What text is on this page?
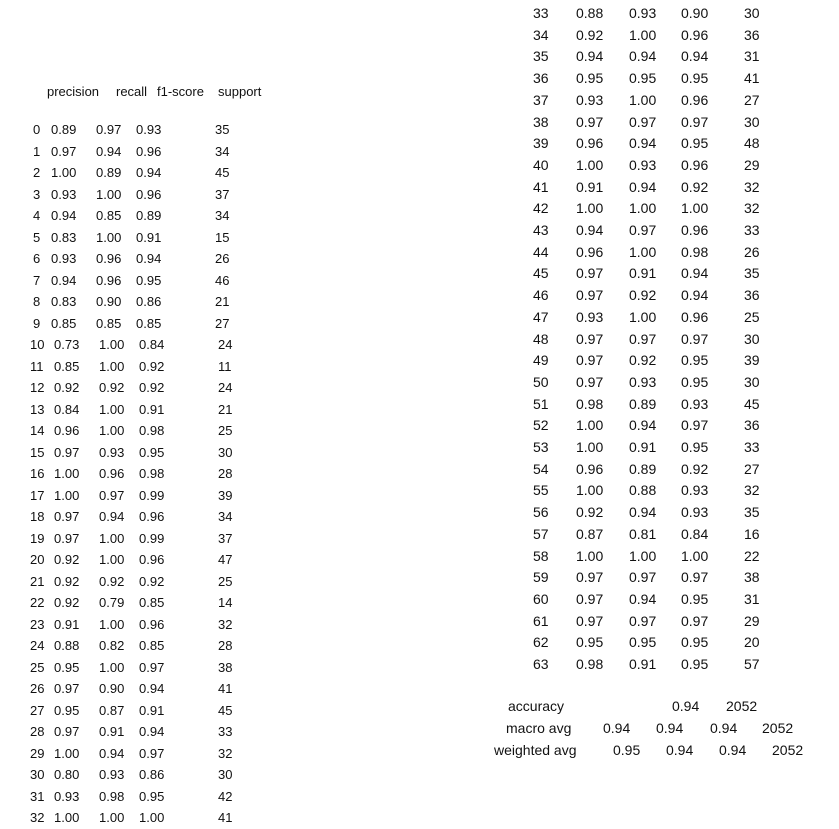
precision recall f1-score support
0 0.89 0.97 0.93	35
1 0.97 0.94 0.96	34
2 1.00 0.89 0.94	45
3 0.93 1.00 0.96	37
4 0.94 0.85 0.89	34
5 0.83 1.00 0.91	15
6 0.93 0.96 0.94	26
7 0.94 0.96 0.95	46
8 0.83 0.90 0.86	21
9 0.85 0.85 0.85	27
10 0.73 1.00 0.84	24
11 0.85 1.00 0.92	11
12 0.92 0.92 0.92	24
13 0.84 1.00 0.91	21
14 0.96 1.00 0.98	25
15 0.97 0.93 0.95	30
16 1.00 0.96 0.98	28
17 1.00 0.97 0.99	39
18 0.97 0.94 0.96	34
19 0.97 1.00 0.99	37
20 0.92 1.00 0.96	47
21 0.92 0.92 0.92	25
22 0.92 0.79 0.85	14
23 0.91 1.00 0.96	32
24 0.88 0.82 0.85	28
25 0.95 1.00 0.97	38
26 0.97 0.90 0.94	41
27 0.95 0.87 0.91	45
28 0.97 0.91 0.94	33
29 1.00 0.94 0.97	32
30 0.80 0.93 0.86	30
31 0.93 0.98 0.95	42
32 1.00 1.00 1.00	41
33 0.88 0.93 0.90	30
34 0.92 1.00 0.96	36
35 0.94 0.94 0.94	31
36 0.95 0.95 0.95	41
37 0.93 1.00 0.96	27
38 0.97 0.97 0.97	30
39 0.96 0.94 0.95	48
40 1.00 0.93 0.96	29
41 0.91 0.94 0.92	32
42 1.00 1.00 1.00	32
43 0.94 0.97 0.96	33
44 0.96 1.00 0.98	26
45 0.97 0.91 0.94	35
46 0.97 0.92 0.94	36
47 0.93 1.00 0.96	25
48 0.97 0.97 0.97	30
49 0.97 0.92 0.95	39
50 0.97 0.93 0.95	30
51 0.98 0.89 0.93	45
52 1.00 0.94 0.97	36
53 1.00 0.91 0.95	33
54 0.96 0.89 0.92	27
55 1.00 0.88 0.93	32
56 0.92 0.94 0.93	35
57 0.87 0.81 0.84	16
58 1.00 1.00 1.00	22
59 0.97 0.97 0.97	38
60 0.97 0.94 0.95	31
61 0.97 0.97 0.97	29
62 0.95 0.95 0.95	20
63 0.98 0.91 0.95	57
accuracy	0.94 2052
macro avg 0.94 0.94 0.94 2052
weighted avg	0.95 0.94 0.94 2052
